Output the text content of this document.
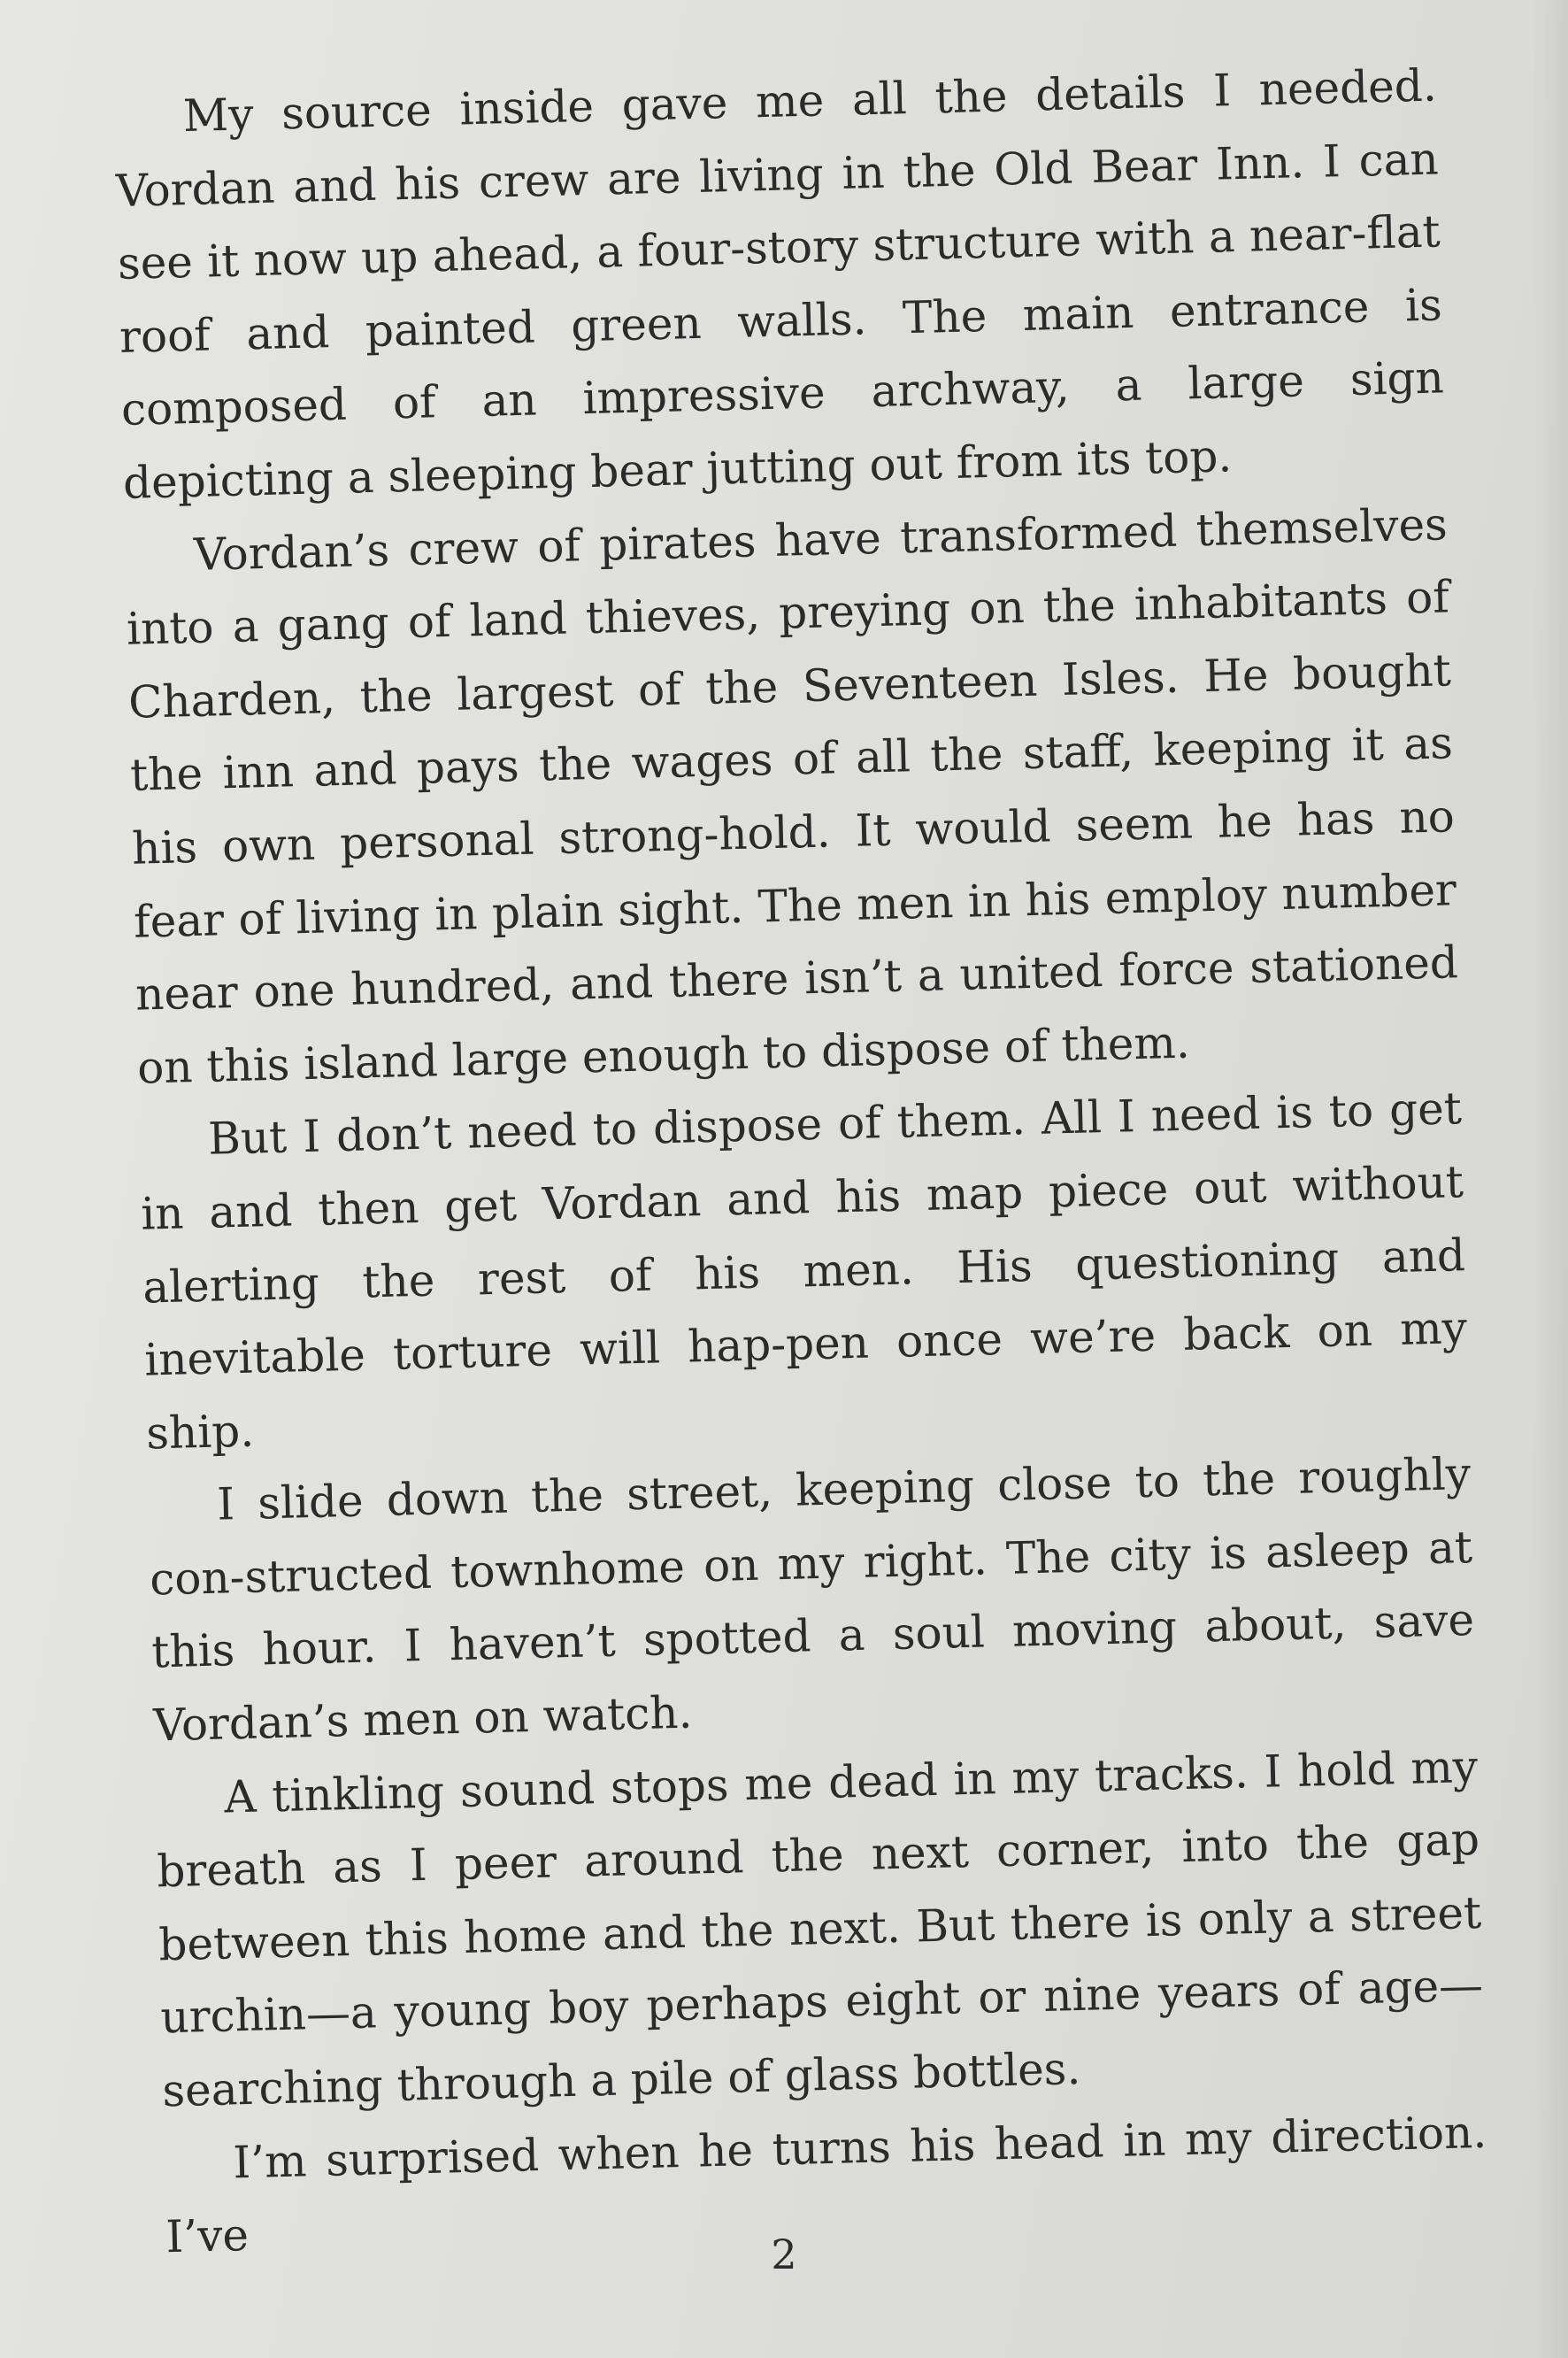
My source inside gave me all the details I needed. Vordan and his crew are living in the Old Bear Inn. I can see it now up ahead, a four-story structure with a near-flat roof and painted green walls. The main entrance is composed of an impressive archway, a large sign depicting a sleeping bear jutting out from its top.

Vordan’s crew of pirates have transformed themselves into a gang of land thieves, preying on the inhabitants of Charden, the largest of the Seventeen Isles. He bought the inn and pays the wages of all the staff, keeping it as his own personal strong-hold. It would seem he has no fear of living in plain sight. The men in his employ number near one hundred, and there isn’t a united force stationed on this island large enough to dispose of them.

But I don’t need to dispose of them. All I need is to get in and then get Vordan and his map piece out without alerting the rest of his men. His questioning and inevitable torture will hap-pen once we’re back on my ship.

I slide down the street, keeping close to the roughly con-structed townhome on my right. The city is asleep at this hour. I haven’t spotted a soul moving about, save Vordan’s men on watch.

A tinkling sound stops me dead in my tracks. I hold my breath as I peer around the next corner, into the gap between this home and the next. But there is only a street urchin—a young boy perhaps eight or nine years of age—searching through a pile of glass bottles.

I’m surprised when he turns his head in my direction. I’ve	2
